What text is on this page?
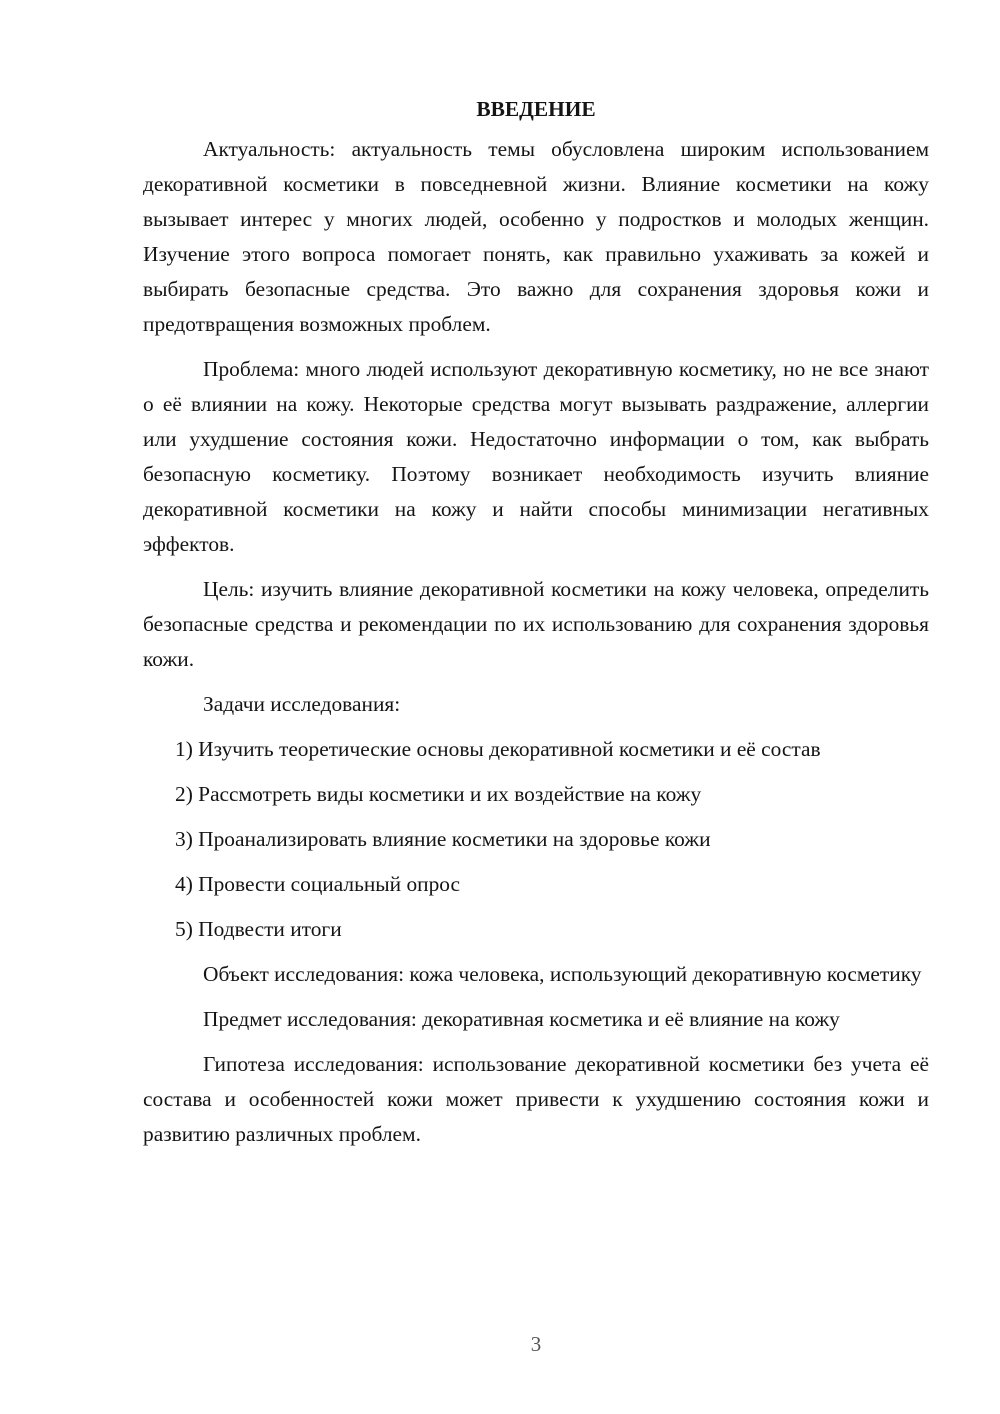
ВВЕДЕНИЕ

Актуальность: актуальность темы обусловлена широким использованием декоративной косметики в повседневной жизни. Влияние косметики на кожу вызывает интерес у многих людей, особенно у подростков и молодых женщин. Изучение этого вопроса помогает понять, как правильно ухаживать за кожей и выбирать безопасные средства. Это важно для сохранения здоровья кожи и предотвращения возможных проблем.

Проблема: много людей используют декоративную косметику, но не все знают о её влиянии на кожу. Некоторые средства могут вызывать раздражение, аллергии или ухудшение состояния кожи. Недостаточно информации о том, как выбрать безопасную косметику. Поэтому возникает необходимость изучить влияние декоративной косметики на кожу и найти способы минимизации негативных эффектов.

Цель: изучить влияние декоративной косметики на кожу человека, определить безопасные средства и рекомендации по их использованию для сохранения здоровья кожи.

Задачи исследования:

1) Изучить теоретические основы декоративной косметики и её состав
2) Рассмотреть виды косметики и их воздействие на кожу
3) Проанализировать влияние косметики на здоровье кожи
4) Провести социальный опрос
5) Подвести итоги

Объект исследования: кожа человека, использующий декоративную косметику

Предмет исследования: декоративная косметика и её влияние на кожу

Гипотеза исследования: использование декоративной косметики без учета её состава и особенностей кожи может привести к ухудшению состояния кожи и развитию различных проблем.

3
